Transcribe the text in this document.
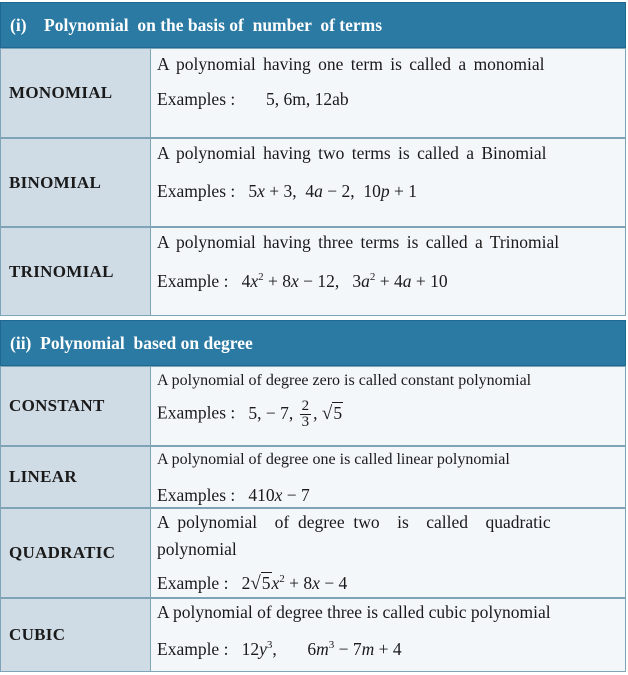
(i)    Polynomial  on the basis of  number  of terms
MONOMIAL
A polynomial having one term is called a monomial
Examples : 5, 6m, 12ab
BINOMIAL
A polynomial having two terms is called a Binomial
Examples :   5x + 3,  4a − 2,  10p + 1
TRINOMIAL
A polynomial having three terms is called a Trinomial
Example :   $4x^2 + 8x - 12$,   $3a^2 + 4a + 10$
(ii)  Polynomial  based on degree
CONSTANT
A polynomial of degree zero is called constant polynomial
Examples :   5, − 7, $\frac{2}{3}$ , √5
LINEAR
A polynomial of degree one is called linear polynomial
Examples :   410x − 7
QUADRATIC
A  polynomial    of  degree  two    is    called    quadratic
polynomial
Example :   $2√5x^2 + 8x - 4$
CUBIC
A polynomial of degree three is called cubic polynomial
Example :   $12y^3$,       $6m^3 - 7m + 4$
